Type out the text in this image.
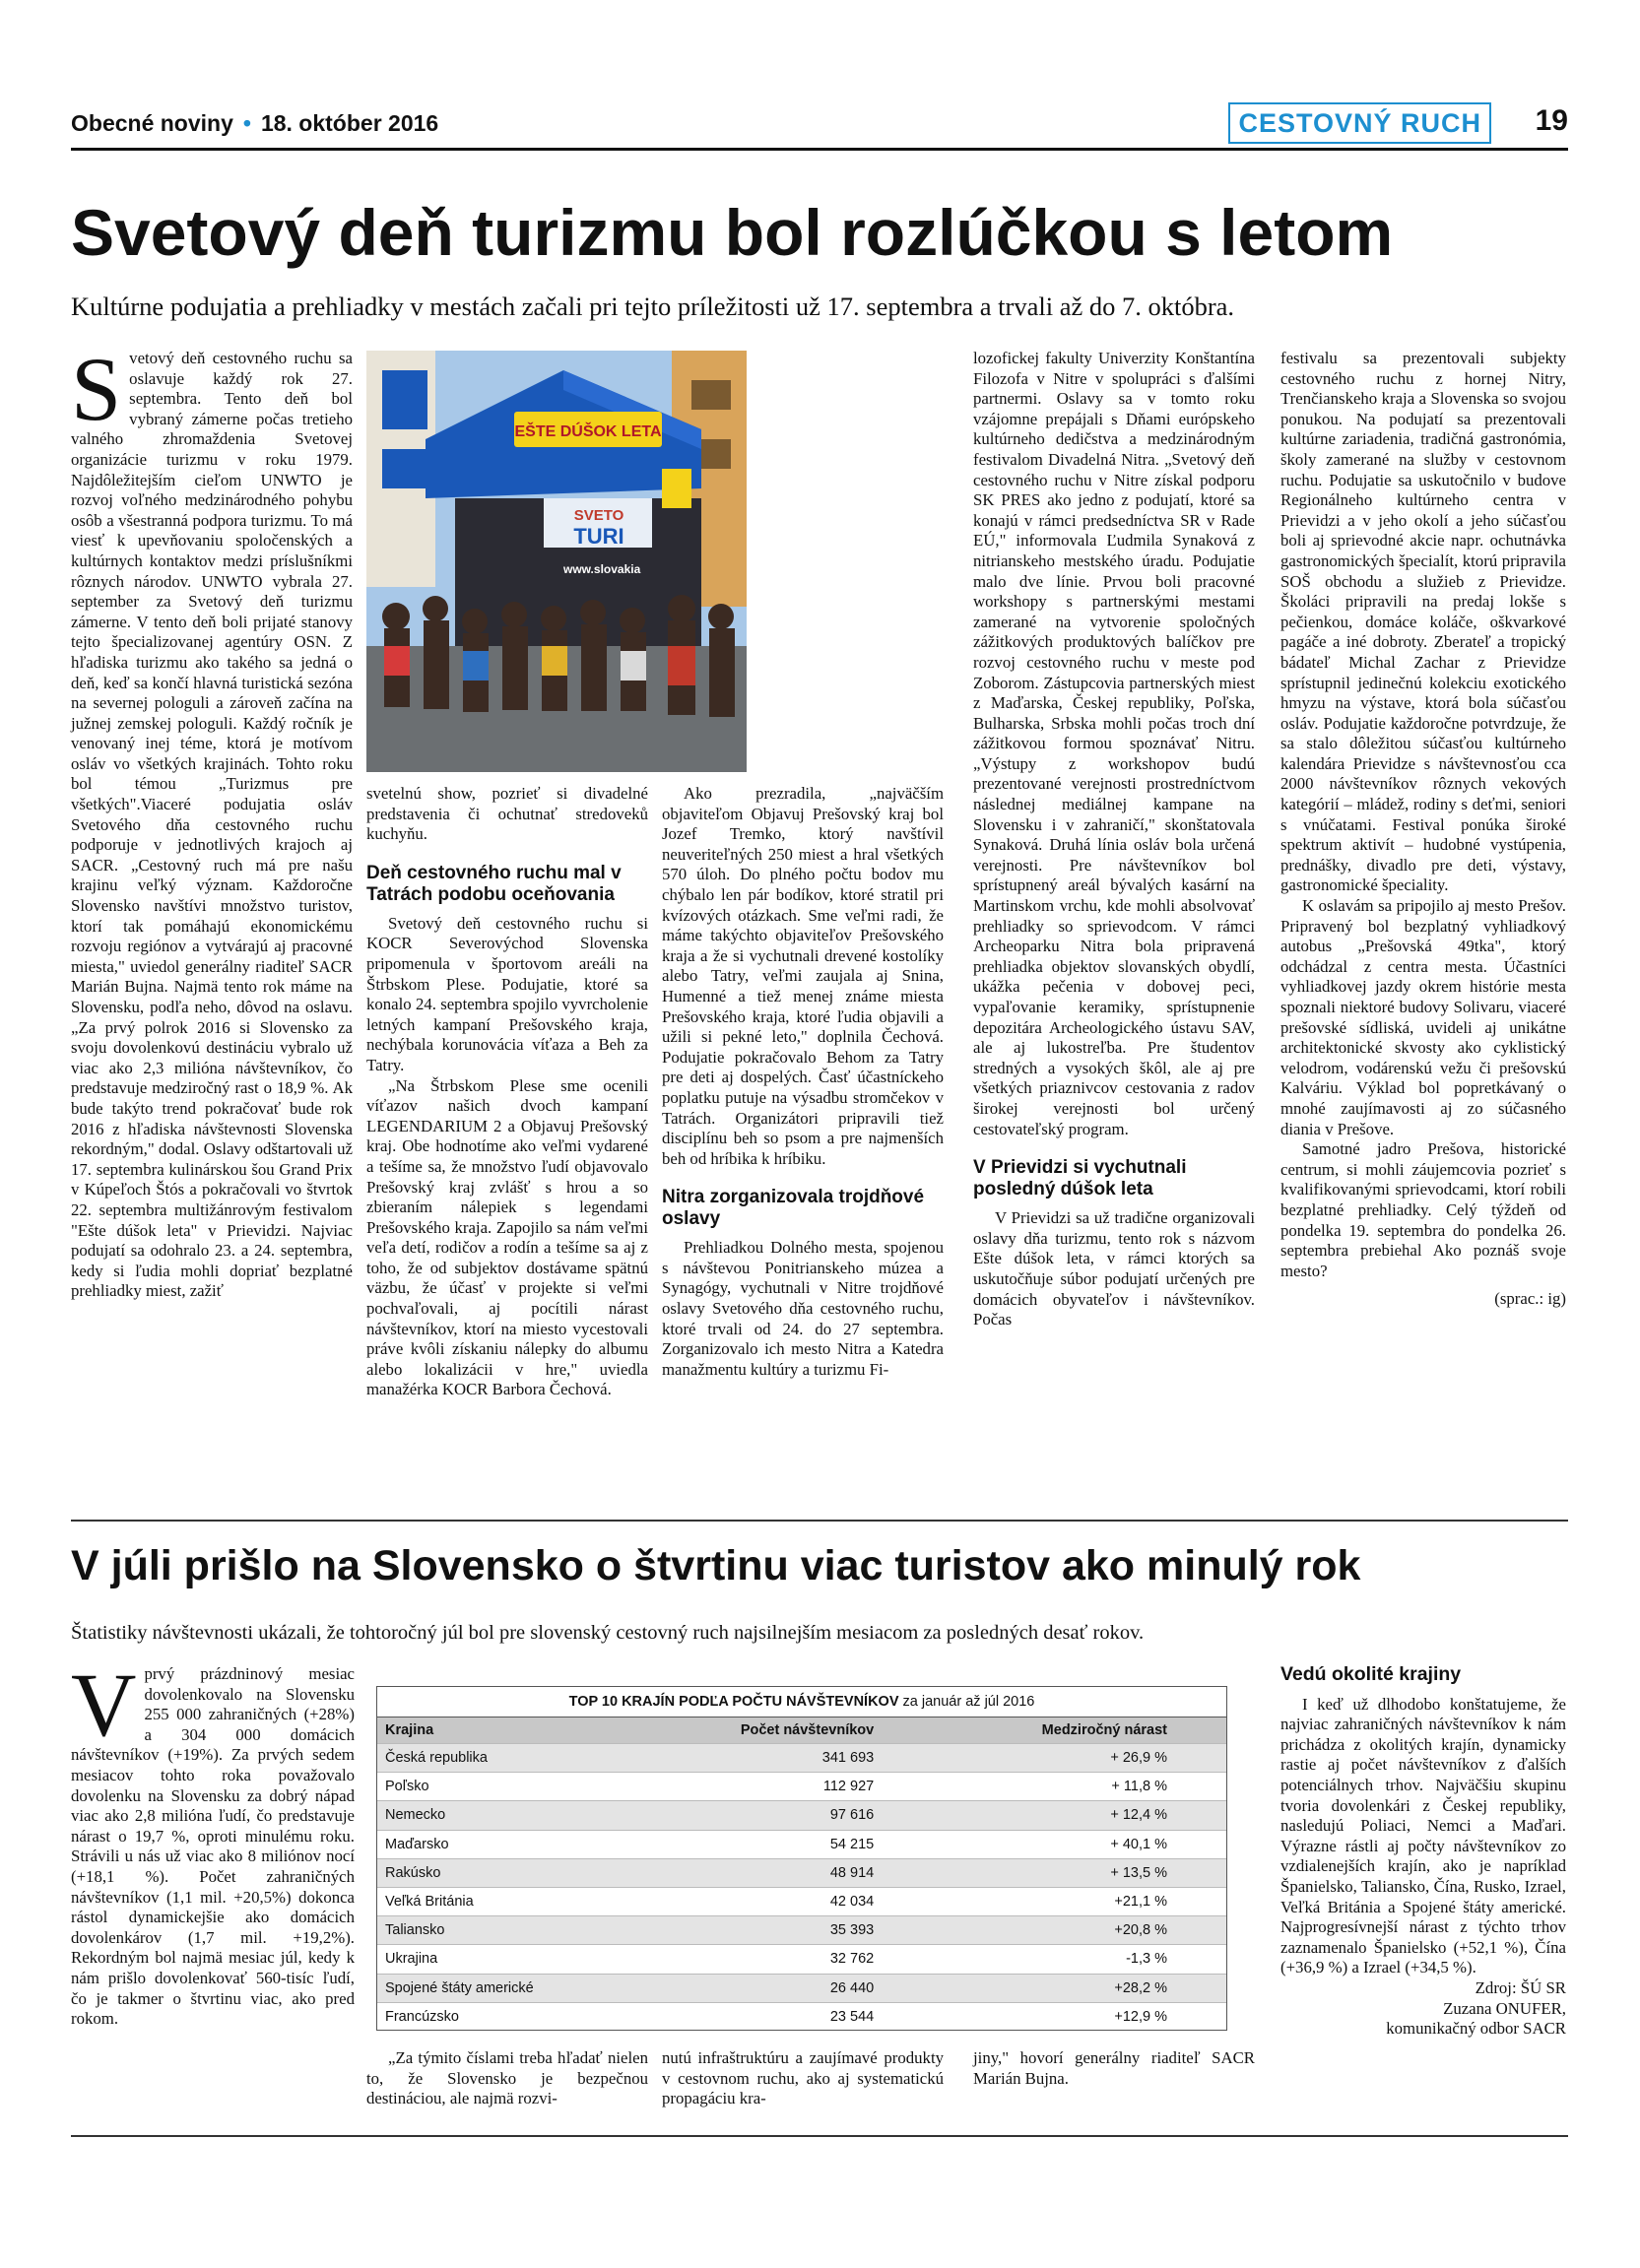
Obecné noviny • 18. október 2016	CESTOVNÝ RUCH	19
Svetový deň turizmu bol rozlúčkou s letom
Kultúrne podujatia a prehliadky v mestách začali pri tejto príležitosti už 17. septembra a trvali až do 7. októbra.

Svetový deň cestovného ruchu sa oslavuje každý rok 27. septembra. Tento deň bol vybraný zámerne počas tretieho valného zhromaždenia Svetovej organizácie turizmu v roku 1979. Najdôležitejším cieľom UNWTO je rozvoj voľného medzinárodného pohybu osôb a všestranná podpora turizmu. To má viesť k upevňovaniu spoločenských a kultúrnych kontaktov medzi príslušníkmi rôznych národov. UNWTO vybrala 27. september za Svetový deň turizmu zámerne. V tento deň boli prijaté stanovy tejto špecializovanej agentúry OSN. Z hľadiska turizmu ako takého sa jedná o deň, keď sa končí hlavná turistická sezóna na severnej pologuli a zároveň začína na južnej zemskej pologuli. Každý ročník je venovaný inej téme, ktorá je motívom osláv vo všetkých krajinách. Tohto roku bol témou „Turizmus pre všetkých".Viaceré podujatia osláv Svetového dňa cestovného ruchu podporuje v jednotlivých krajoch aj SACR. „Cestovný ruch má pre našu krajinu veľký význam. Každoročne Slovensko navštívi množstvo turistov, ktorí tak pomáhajú ekonomickému rozvoju regiónov a vytvárajú aj pracovné miesta," uviedol generálny riaditeľ SACR Marián Bujna. Najmä tento rok máme na Slovensku, podľa neho, dôvod na oslavu. „Za prvý polrok 2016 si Slovensko za svoju dovolenkovú destináciu vybralo už viac ako 2,3 milióna návštevníkov, čo predstavuje medziročný rast o 18,9 %. Ak bude takýto trend pokračovať bude rok 2016 z hľadiska návštevnosti Slovenska rekordným," dodal. Oslavy odštartovali už 17. septembra kulinárskou šou Grand Prix v Kúpeľoch Štós a pokračovali vo štvrtok 22. septembra multižánrovým festivalom "Ešte dúšok leta" v Prievidzi. Najviac podujatí sa odohralo 23. a 24. septembra, kedy si ľudia mohli dopriať bezplatné prehliadky miest, zažiť

EŠTE DÚŠOK LETA
SVETO
TURI
www.slovakia

svetelnú show, pozrieť si divadelné predstavenia či ochutnať stredoveků kuchyňu.

Deň cestovného ruchu mal v Tatrách podobu oceňovania

Svetový deň cestovného ruchu si KOCR Severovýchod Slovenska pripomenula v športovom areáli na Štrbskom Plese. Podujatie, ktoré sa konalo 24. septembra spojilo vyvrcholenie letných kampaní Prešovského kraja, nechýbala korunovácia víťaza a Beh za Tatry.

„Na Štrbskom Plese sme ocenili víťazov našich dvoch kampaní LEGENDARIUM 2 a Objavuj Prešovský kraj. Obe hodnotíme ako veľmi vydarené a tešíme sa, že množstvo ľudí objavovalo Prešovský kraj zvlášť s hrou a so zbieraním nálepiek s legendami Prešovského kraja. Zapojilo sa nám veľmi veľa detí, rodičov a rodín a tešíme sa aj z toho, že od subjektov dostávame spätnú väzbu, že účasť v projekte si veľmi pochvaľovali, aj pocítili nárast návštevníkov, ktorí na miesto vycestovali práve kvôli získaniu nálepky do albumu alebo lokalizácii v hre," uviedla manažérka KOCR Barbora Čechová.

Ako prezradila, „najväčším objaviteľom Objavuj Prešovský kraj bol Jozef Tremko, ktorý navštívil neuveriteľných 250 miest a hral všetkých 570 úloh. Do plného počtu bodov mu chýbalo len pár bodíkov, ktoré stratil pri kvízových otázkach. Sme veľmi radi, že máme takýchto objaviteľov Prešovského kraja a že si vychutnali drevené kostolíky alebo Tatry, veľmi zaujala aj Snina, Humenné a tiež menej známe miesta Prešovského kraja, ktoré ľudia objavili a užili si pekné leto," doplnila Čechová. Podujatie pokračovalo Behom za Tatry pre deti aj dospelých. Časť účastníckeho poplatku putuje na výsadbu stromčekov v Tatrách. Organizátori pripravili tiež disciplínu beh so psom a pre najmenších beh od hríbika k hríbiku.

Nitra zorganizovala trojdňové oslavy

Prehliadkou Dolného mesta, spojenou s návštevou Ponitrianskeho múzea a Synagógy, vychutnali v Nitre trojdňové oslavy Svetového dňa cestovného ruchu, ktoré trvali od 24. do 27 septembra. Zorganizovalo ich mesto Nitra a Katedra manažmentu kultúry a turizmu Fi-

lozofickej fakulty Univerzity Konštantína Filozofa v Nitre v spolupráci s ďalšími partnermi. Oslavy sa v tomto roku vzájomne prepájali s Dňami európskeho kultúrneho dedičstva a medzinárodným festivalom Divadelná Nitra. „Svetový deň cestovného ruchu v Nitre získal podporu SK PRES ako jedno z podujatí, ktoré sa konajú v rámci predsedníctva SR v Rade EÚ," informovala Ľudmila Synaková z nitrianskeho mestského úradu. Podujatie malo dve línie. Prvou boli pracovné workshopy s partnerskými mestami zamerané na vytvorenie spoločných zážitkových produktových balíčkov pre rozvoj cestovného ruchu v meste pod Zoborom. Zástupcovia partnerských miest z Maďarska, Českej republiky, Poľska, Bulharska, Srbska mohli počas troch dní zážitkovou formou spoznávať Nitru. „Výstupy z workshopov budú prezentované verejnosti prostredníctvom následnej mediálnej kampane na Slovensku i v zahraničí," skonštatovala Synaková. Druhá línia osláv bola určená verejnosti. Pre návštevníkov bol sprístupnený areál bývalých kasární na Martinskom vrchu, kde mohli absolvovať prehliadky so sprievodcom. V rámci Archeoparku Nitra bola pripravená prehliadka objektov slovanských obydlí, ukážka pečenia v dobovej peci, vypaľovanie keramiky, sprístupnenie depozitára Archeologického ústavu SAV, ale aj lukostreľba. Pre študentov stredných a vysokých škôl, ale aj pre všetkých priaznivcov cestovania z radov širokej verejnosti bol určený cestovateľský program.

V Prievidzi si vychutnali posledný dúšok leta

V Prievidzi sa už tradične organizovali oslavy dňa turizmu, tento rok s názvom Ešte dúšok leta, v rámci ktorých sa uskutočňuje súbor podujatí určených pre domácich obyvateľov i návštevníkov. Počas

festivalu sa prezentovali subjekty cestovného ruchu z hornej Nitry, Trenčianskeho kraja a Slovenska so svojou ponukou. Na podujatí sa prezentovali kultúrne zariadenia, tradičná gastronómia, školy zamerané na služby v cestovnom ruchu. Podujatie sa uskutočnilo v budove Regionálneho kultúrneho centra v Prievidzi a v jeho okolí a jeho súčasťou boli aj sprievodné akcie napr. ochutnávka gastronomických špecialít, ktorú pripravila SOŠ obchodu a služieb z Prievidze. Školáci pripravili na predaj lokše s pečienkou, domáce koláče, oškvarkové pagáče a iné dobroty. Zberateľ a tropický bádateľ Michal Zachar z Prievidze sprístupnil jedinečnú kolekciu exotického hmyzu na výstave, ktorá bola súčasťou osláv. Podujatie každoročne potvrdzuje, že sa stalo dôležitou súčasťou kultúrneho kalendára Prievidze s návštevnosťou cca 2000 návštevníkov rôznych vekových kategórií – mládež, rodiny s deťmi, seniori s vnúčatami. Festival ponúka široké spektrum aktivít – hudobné vystúpenia, prednášky, divadlo pre deti, výstavy, gastronomické špeciality.

K oslavám sa pripojilo aj mesto Prešov. Pripravený bol bezplatný vyhliadkový autobus „Prešovská 49tka", ktorý odchádzal z centra mesta. Účastníci vyhliadkovej jazdy okrem histórie mesta spoznali niektoré budovy Solivaru, viaceré prešovské sídliská, uvideli aj unikátne architektonické skvosty ako cyklistický velodrom, vodárenskú vežu či prešovskú Kalváriu. Výklad bol popretkávaný o mnohé zaujímavosti aj zo súčasného diania v Prešove.

Samotné jadro Prešova, historické centrum, si mohli záujemcovia pozrieť s kvalifikovanými sprievodcami, ktorí robili bezplatné prehliadky. Celý týždeň od pondelka 19. septembra do pondelka 26. septembra prebiehal Ako poznáš svoje mesto?

(sprac.: ig)
V júli prišlo na Slovensko o štvrtinu viac turistov ako minulý rok
Štatistiky návštevnosti ukázali, že tohtoročný júl bol pre slovenský cestovný ruch najsilnejším mesiacom za posledných desať rokov.

Vprvý prázdninový mesiac dovolenkovalo na Slovensku 255 000 zahraničných (+28%) a 304 000 domácich návštevníkov (+19%). Za prvých sedem mesiacov tohto roka považovalo dovolenku na Slovensku za dobrý nápad viac ako 2,8 milióna ľudí, čo predstavuje nárast o 19,7 %, oproti minulému roku. Strávili u nás už viac ako 8 miliónov nocí (+18,1 %). Počet zahraničných návštevníkov (1,1 mil. +20,5%) dokonca rástol dynamickejšie ako domácich dovolenkárov (1,7 mil. +19,2%). Rekordným bol najmä mesiac júl, kedy k nám prišlo dovolenkovať 560-tisíc ľudí, čo je takmer o štvrtinu viac, ako pred rokom.

TOP 10 KRAJÍN PODĽA POČTU NÁVŠTEVNÍKOV za január až júl 2016
Krajina	Počet návštevníkov	Medziročný nárast
Česká republika	341 693	+ 26,9 %
Poľsko	112 927	+ 11,8 %
Nemecko	97 616	+ 12,4 %
Maďarsko	54 215	+ 40,1 %
Rakúsko	48 914	+ 13,5 %
Veľká Británia	42 034	+21,1 %
Taliansko	35 393	+20,8 %
Ukrajina	32 762	-1,3 %
Spojené štáty americké	26 440	+28,2 %
Francúzsko	23 544	+12,9 %

„Za týmito číslami treba hľadať nielen to, že Slovensko je bezpečnou destináciou, ale najmä rozvi-

nutú infraštruktúru a zaujímavé produkty v cestovnom ruchu, ako aj systematickú propagáciu kra-

jiny," hovorí generálny riaditeľ SACR Marián Bujna.

Vedú okolité krajiny

I keď už dlhodobo konštatujeme, že najviac zahraničných návštevníkov k nám prichádza z okolitých krajín, dynamicky rastie aj počet návštevníkov z ďalších potenciálnych trhov. Najväčšiu skupinu tvoria dovolenkári z Českej republiky, nasledujú Poliaci, Nemci a Maďari. Výrazne rástli aj počty návštevníkov zo vzdialenejších krajín, ako je napríklad Španielsko, Taliansko, Čína, Rusko, Izrael, Veľká Británia a Spojené štáty americké. Najprogresívnejší nárast z týchto trhov zaznamenalo Španielsko (+52,1 %), Čína (+36,9 %) a Izrael (+34,5 %).

Zdroj: ŠÚ SR
Zuzana ONUFER,
komunikačný odbor SACR
